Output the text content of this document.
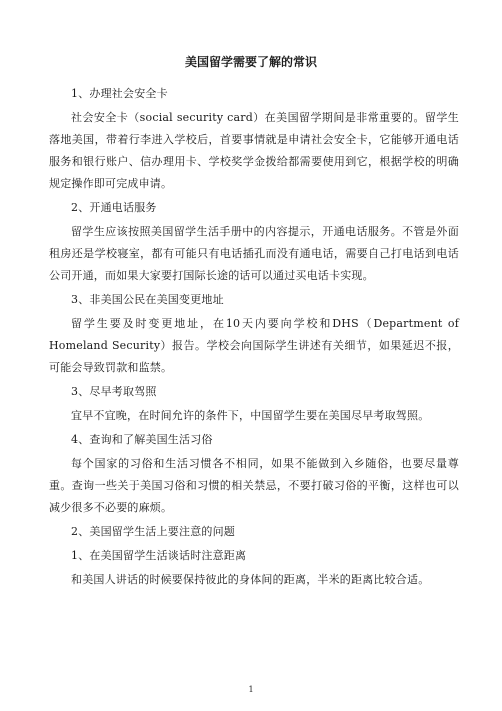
美国留学需要了解的常识

1、办理社会安全卡

社会安全卡（social security card）在美国留学期间是非常重要的。留学生落地美国，带着行李进入学校后，首要事情就是申请社会安全卡，它能够开通电话服务和银行账户、信办理用卡、学校奖学金拨给都需要使用到它，根据学校的明确规定操作即可完成申请。

2、开通电话服务

留学生应该按照美国留学生活手册中的内容提示，开通电话服务。不管是外面租房还是学校寝室，都有可能只有电话插孔而没有通电话，需要自己打电话到电话公司开通，而如果大家要打国际长途的话可以通过买电话卡实现。

3、非美国公民在美国变更地址

留学生要及时变更地址，在10天内要向学校和DHS（Department of Homeland Security）报告。学校会向国际学生讲述有关细节，如果延迟不报，可能会导致罚款和监禁。

3、尽早考取驾照

宜早不宜晚，在时间允许的条件下，中国留学生要在美国尽早考取驾照。

4、查询和了解美国生活习俗

每个国家的习俗和生活习惯各不相同，如果不能做到入乡随俗，也要尽量尊重。查询一些关于美国习俗和习惯的相关禁忌，不要打破习俗的平衡，这样也可以减少很多不必要的麻烦。

2、美国留学生活上要注意的问题

1、在美国留学生活谈话时注意距离

和美国人讲话的时候要保持彼此的身体间的距离，半米的距离比较合适。

1
